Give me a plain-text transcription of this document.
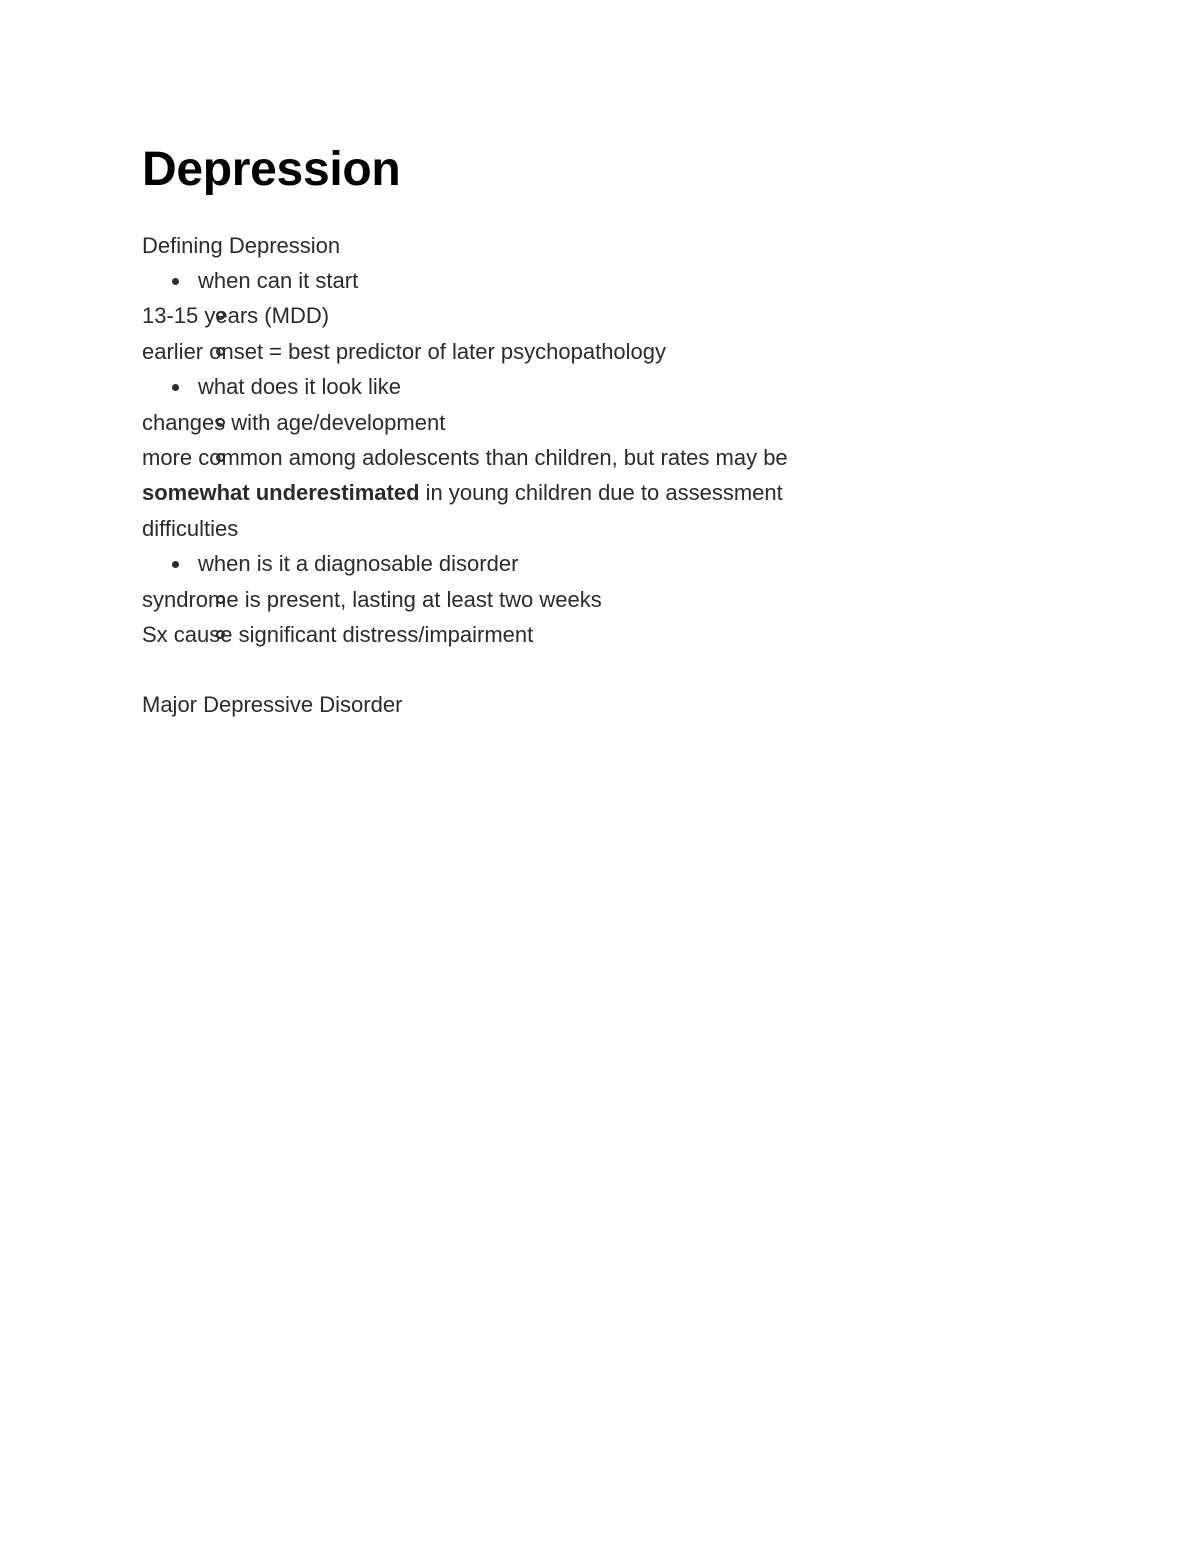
Depression

Defining Depression

when can it start
13-15 years (MDD)
earlier onset = best predictor of later psychopathology
what does it look like
changes with age/development
more common among adolescents than children, but rates may be somewhat underestimated in young children due to assessment difficulties
when is it a diagnosable disorder
syndrome is present, lasting at least two weeks
Sx cause significant distress/impairment

Major Depressive Disorder
